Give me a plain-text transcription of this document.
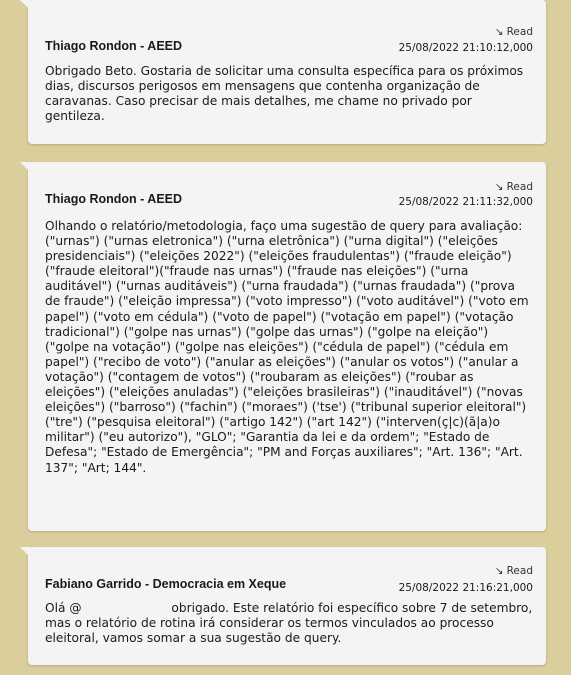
↘ Read
Thiago Rondon - AEED	25/08/2022 21:10:12,000
Obrigado Beto. Gostaria de solicitar uma consulta específica para os próximos dias, discursos perigosos em mensagens que contenha organização de caravanas. Caso precisar de mais detalhes, me chame no privado por gentileza.
↘ Read
Thiago Rondon - AEED	25/08/2022 21:11:32,000
Olhando o relatório/metodologia, faço uma sugestão de query para avaliação: ("urnas") ("urnas eletronica") ("urna eletrônica") ("urna digital") ("eleições presidenciais") ("eleições 2022") ("eleições fraudulentas") ("fraude eleição")("fraude eleitoral")("fraude nas urnas") ("fraude nas eleições") ("urna auditável") ("urnas auditáveis") ("urna fraudada") ("urnas fraudada") ("prova de fraude") ("eleição impressa") ("voto impresso") ("voto auditável") ("voto em papel") ("voto em cédula") ("voto de papel") ("votação em papel") ("votação tradicional") ("golpe nas urnas") ("golpe das urnas") ("golpe na eleição") ("golpe na votação") ("golpe nas eleições") ("cédula de papel") ("cédula em papel") ("recibo de voto") ("anular as eleições") ("anular os votos") ("anular a votação") ("contagem de votos") ("roubaram as eleições") ("roubar as eleições") ("eleições anuladas") ("eleições brasileiras") ("inauditável") ("novas eleições") ("barroso") ("fachin") ("moraes") ('tse') ("tribunal superior eleitoral") ("tre") ("pesquisa eleitoral") ("artigo 142") ("art 142") ("interven(ç|c)(ã|a)o militar") ("eu autorizo"), "GLO"; "Garantia da lei e da ordem"; "Estado de Defesa"; "Estado de Emergência"; "PM and Forças auxiliares"; "Art. 136"; "Art. 137"; "Art; 144".
↘ Read
Fabiano Garrido - Democracia em Xeque	25/08/2022 21:16:21,000
Olá @	obrigado. Este relatório foi específico sobre 7 de setembro, mas o relatório de rotina irá considerar os termos vinculados ao processo eleitoral, vamos somar a sua sugestão de query.
